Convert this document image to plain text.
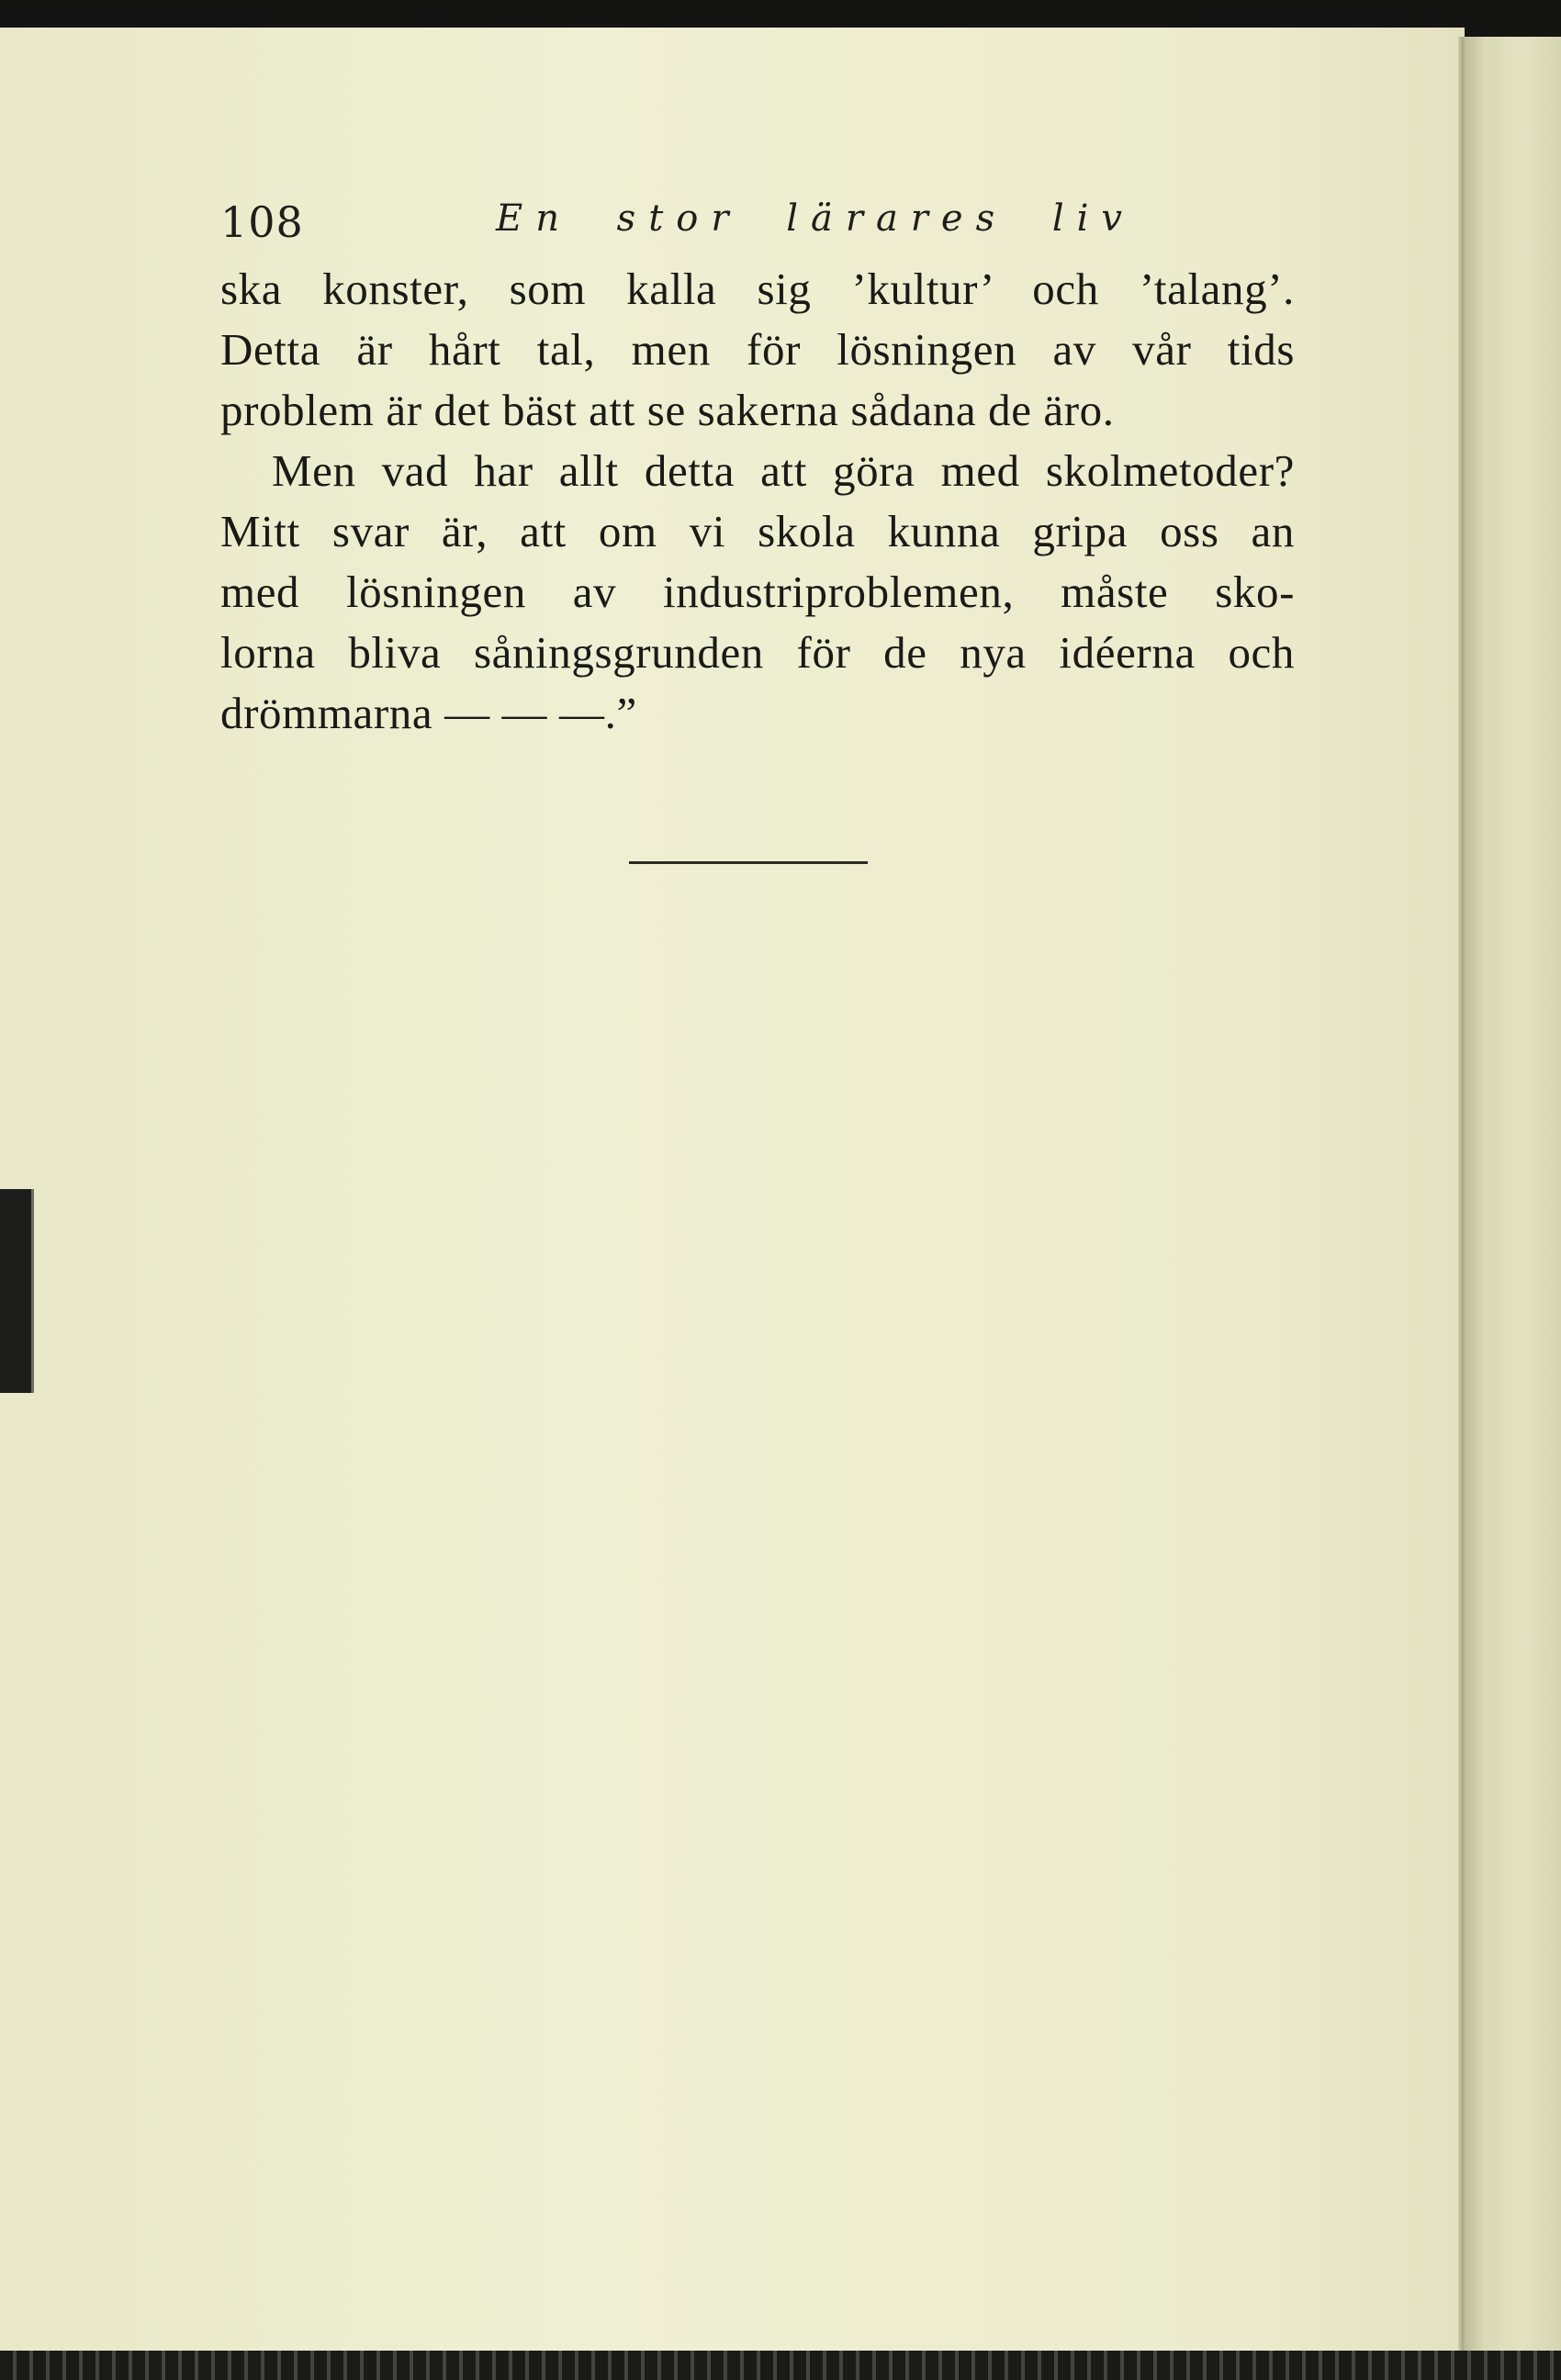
108	En stor lärares liv
ska konster, som kalla sig ’kultur’ och ’talang’.
Detta är hårt tal, men för lösningen av vår tids
problem är det bäst att se sakerna sådana de äro.
Men vad har allt detta att göra med skolmetoder?
Mitt svar är, att om vi skola kunna gripa oss an
med lösningen av industriproblemen, måste sko-
lorna bliva såningsgrunden för de nya idéerna och
drömmarna — — —.”
